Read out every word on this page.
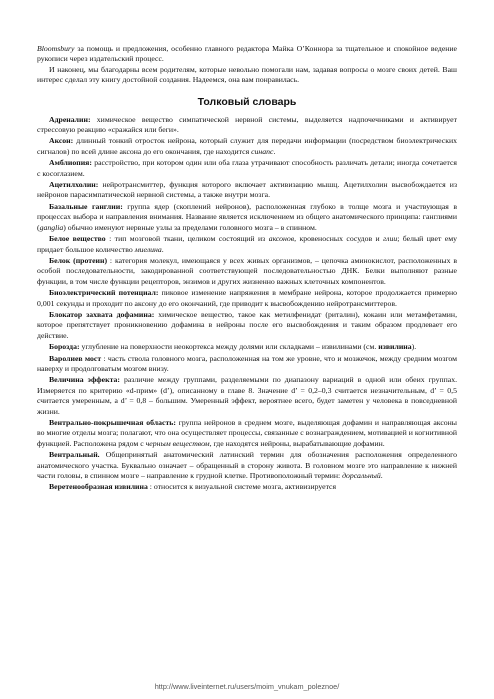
Bloomsbury за помощь и предложения, особенно главного редактора Майка О’Коннора за тщательное и спокойное ведение рукописи через издательский процесс.

И наконец, мы благодарны всем родителям, которые невольно помогали нам, задавая вопросы о мозге своих детей. Ваш интерес сделал эту книгу достойной создания. Надеемся, она вам понравилась.

Толковый словарь

Адреналин: химическое вещество симпатической нервной системы, выделяется надпочечниками и активирует стрессовую реакцию «сражайся или беги».

Аксон: длинный тонкий отросток нейрона, который служит для передачи информации (посредством биоэлектрических сигналов) по всей длине аксона до его окончания, где находится синапс.

Амблиопия: расстройство, при котором один или оба глаза утрачивают способность различать детали; иногда сочетается с косоглазием.

Ацетилхолин: нейротрансмиттер, функция которого включает активизацию мышц. Ацетилхолин высвобождается из нейронов парасимпатической нервной системы, а также внутри мозга.

Базальные ганглии: группа ядер (скоплений нейронов), расположенная глубоко в толще мозга и участвующая в процессах выбора и направления внимания. Название является исключением из общего анатомического принципа: ганглиями (ganglia) обычно именуют нервные узлы за пределами головного мозга – в спинном.

Белое вещество : тип мозговой ткани, целиком состоящий из аксонов, кровеносных сосудов и глии; белый цвет ему придает большое количество миелина.

Белок (протеин) : категория молекул, имеющаяся у всех живых организмов, – цепочка аминокислот, расположенных в особой последовательности, закодированной соответствующей последовательностью ДНК. Белки выполняют разные функции, в том числе функции рецепторов, энзимов и других жизненно важных клеточных компонентов.

Биоэлектрический потенциал: пиковое изменение напряжения в мембране нейрона, которое продолжается примерно 0,001 секунды и проходит по аксону до его окончаний, где приводит к высвобождению нейротрансмиттеров.

Блокатор захвата дофамина: химическое вещество, такое как метилфенидат (риталин), кокаин или метамфетамин, которое препятствует проникновению дофамина в нейроны после его высвобождения и таким образом продлевает его действие.

Борозда: углубление на поверхности неокортекса между долями или складками – извилинами (см. извилина).

Варолиев мост : часть ствола головного мозга, расположенная на том же уровне, что и мозжечок, между средним мозгом наверху и продолговатым мозгом внизу.

Величина эффекта: различие между группами, разделяемыми по диапазону вариаций в одной или обеих группах. Измеряется по критерию «d-прим» (d’), описанному в главе 8. Значение d’ = 0,2–0,3 считается незначительным, d’ = 0,5 считается умеренным, а d’ = 0,8 – большим. Умеренный эффект, вероятнее всего, будет заметен у человека в повседневной жизни.

Вентрально-покрышечная область: группа нейронов в среднем мозге, выделяющая дофамин и направляющая аксоны во многие отделы мозга; полагают, что она осуществляет процессы, связанные с вознаграждением, мотивацией и когнитивной функцией. Расположена рядом с черным веществом, где находятся нейроны, вырабатывающие дофамин.

Вентральный. Общепринятый анатомический латинский термин для обозначения расположения определенного анатомического участка. Буквально означает – обращенный в сторону живота. В головном мозге это направление к нижней части головы, в спинном мозге – направление к грудной клетке. Противоположный термин: дорсальный.

Веретенообразная извилина : относится к визуальной системе мозга, активизируется

http://www.liveinternet.ru/users/moim_vnukam_poleznoe/
